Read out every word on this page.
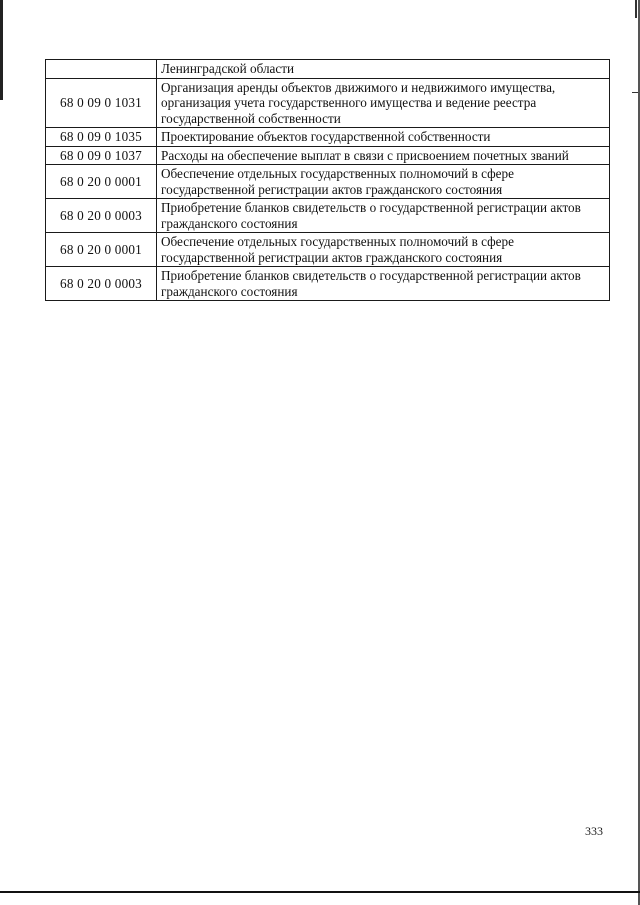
	Ленинградской области
68 0 09 0 1031	Организация аренды объектов движимого и недвижимого имущества, организация учета государственного имущества и ведение реестра государственной собственности
68 0 09 0 1035	Проектирование объектов государственной собственности
68 0 09 0 1037	Расходы на обеспечение выплат в связи с присвоением почетных званий
68 0 20 0 0001	Обеспечение отдельных государственных полномочий в сфере государственной регистрации актов гражданского состояния
68 0 20 0 0003	Приобретение бланков свидетельств о государственной регистрации актов гражданского состояния
68 0 20 0 0001	Обеспечение отдельных государственных полномочий в сфере государственной регистрации актов гражданского состояния
68 0 20 0 0003	Приобретение бланков свидетельств о государственной регистрации актов гражданского состояния
333
